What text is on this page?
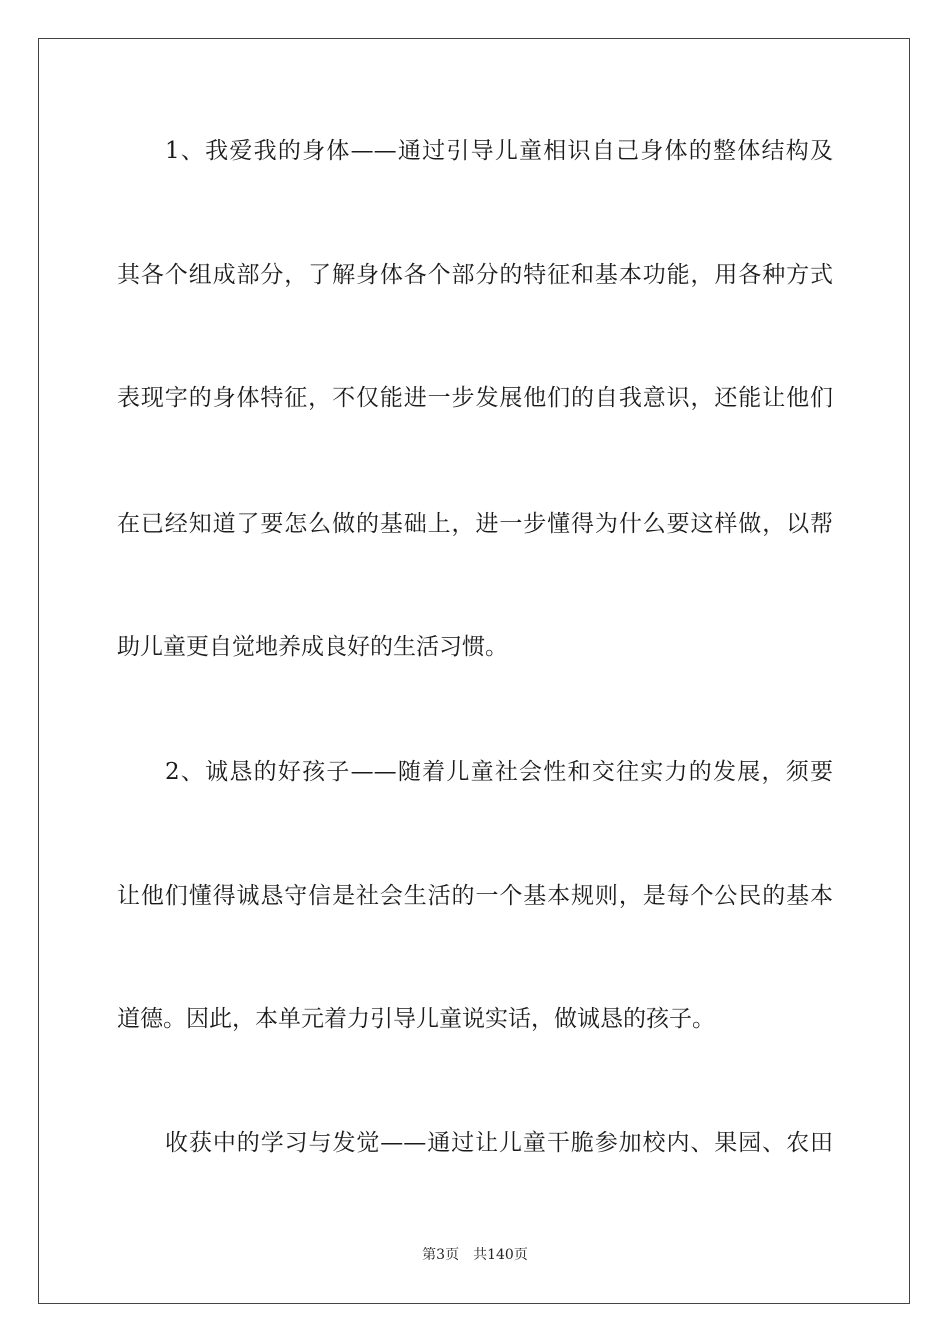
1、我爱我的身体——通过引导儿童相识自己身体的整体结构及
其各个组成部分，了解身体各个部分的特征和基本功能，用各种方式
表现字的身体特征，不仅能进一步发展他们的自我意识，还能让他们
在已经知道了要怎么做的基础上，进一步懂得为什么要这样做，以帮
助儿童更自觉地养成良好的生活习惯。
2、诚恳的好孩子——随着儿童社会性和交往实力的发展，须要
让他们懂得诚恳守信是社会生活的一个基本规则，是每个公民的基本
道德。因此，本单元着力引导儿童说实话，做诚恳的孩子。
收获中的学习与发觉——通过让儿童干脆参加校内、果园、农田
第3页 共140页
